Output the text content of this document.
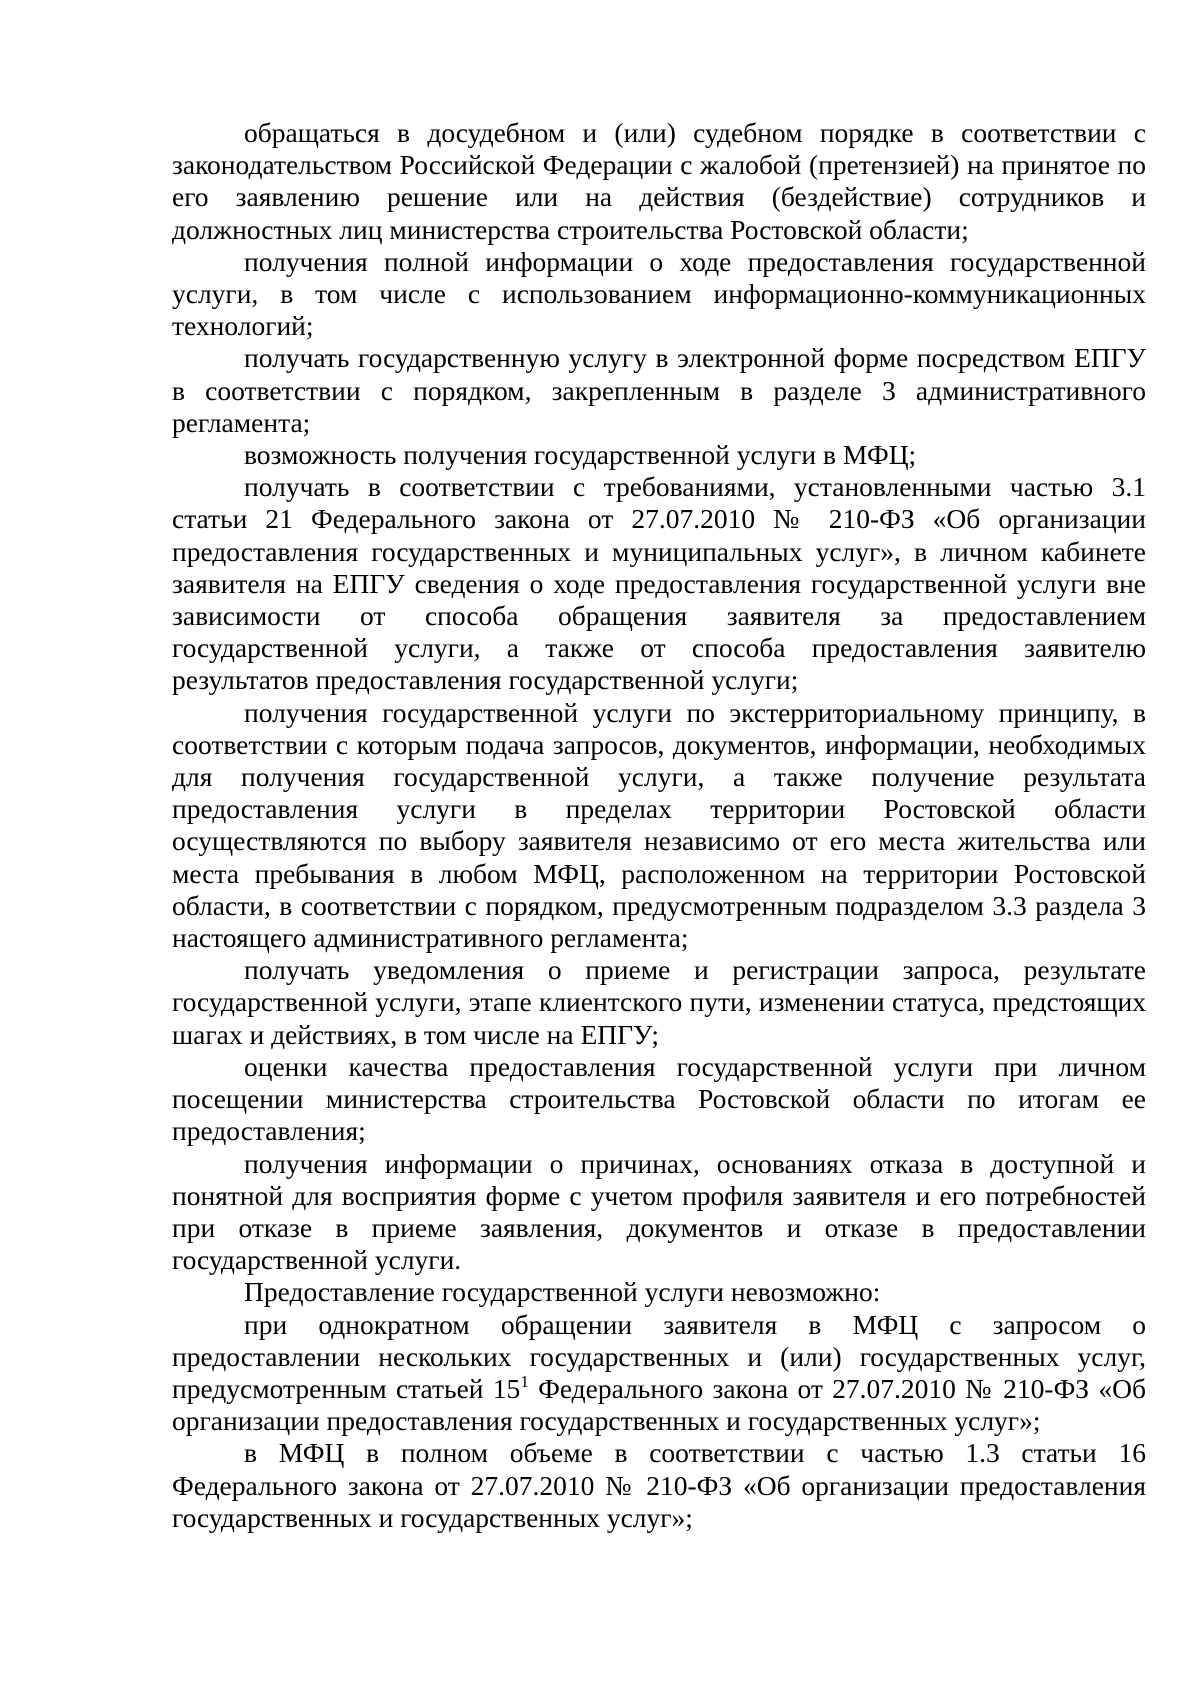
обращаться в досудебном и (или) судебном порядке в соответствии с законодательством Российской Федерации с жалобой (претензией) на принятое по его заявлению решение или на действия (бездействие) сотрудников и должностных лиц министерства строительства Ростовской области;

получения полной информации о ходе предоставления государственной услуги, в том числе с использованием информационно-коммуникационных технологий;

получать государственную услугу в электронной форме посредством ЕПГУ в соответствии с порядком, закрепленным в разделе 3 административного регламента;

возможность получения государственной услуги в МФЦ;

получать в соответствии с требованиями, установленными частью 3.1 статьи 21 Федерального закона от 27.07.2010 № 210-ФЗ «Об организации предоставления государственных и муниципальных услуг», в личном кабинете заявителя на ЕПГУ сведения о ходе предоставления государственной услуги вне зависимости от способа обращения заявителя за предоставлением государственной услуги, а также от способа предоставления заявителю результатов предоставления государственной услуги;

получения государственной услуги по экстерриториальному принципу, в соответствии с которым подача запросов, документов, информации, необходимых для получения государственной услуги, а также получение результата предоставления услуги в пределах территории Ростовской области осуществляются по выбору заявителя независимо от его места жительства или места пребывания в любом МФЦ, расположенном на территории Ростовской области, в соответствии с порядком, предусмотренным подразделом 3.3 раздела 3 настоящего административного регламента;

получать уведомления о приеме и регистрации запроса, результате государственной услуги, этапе клиентского пути, изменении статуса, предстоящих шагах и действиях, в том числе на ЕПГУ;

оценки качества предоставления государственной услуги при личном посещении министерства строительства Ростовской области по итогам ее предоставления;

получения информации о причинах, основаниях отказа в доступной и понятной для восприятия форме с учетом профиля заявителя и его потребностей при отказе в приеме заявления, документов и отказе в предоставлении государственной услуги.

Предоставление государственной услуги невозможно:

при однократном обращении заявителя в МФЦ с запросом о предоставлении нескольких государственных и (или) государственных услуг, предусмотренным статьей $15^1$ Федерального закона от 27.07.2010 № 210-ФЗ «Об организации предоставления государственных и государственных услуг»;

в МФЦ в полном объеме в соответствии с частью 1.3 статьи 16 Федерального закона от 27.07.2010 № 210-ФЗ «Об организации предоставления государственных и государственных услуг»;
